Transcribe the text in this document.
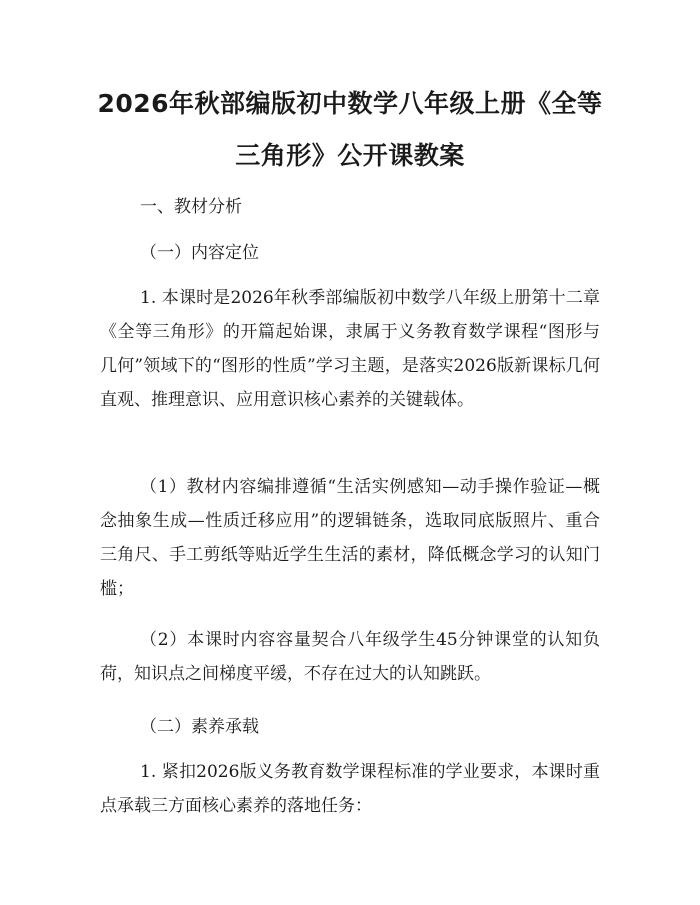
2026年秋部编版初中数学八年级上册《全等
三角形》公开课教案

一、教材分析

（一）内容定位

1. 本课时是2026年秋季部编版初中数学八年级上册第十二章《全等三角形》的开篇起始课，隶属于义务教育数学课程“图形与几何”领域下的“图形的性质”学习主题，是落实2026版新课标几何直观、推理意识、应用意识核心素养的关键载体。

（1）教材内容编排遵循“生活实例感知—动手操作验证—概念抽象生成—性质迁移应用”的逻辑链条，选取同底版照片、重合三角尺、手工剪纸等贴近学生生活的素材，降低概念学习的认知门槛；

（2）本课时内容容量契合八年级学生45分钟课堂的认知负荷，知识点之间梯度平缓，不存在过大的认知跳跃。

（二）素养承载

1. 紧扣2026版义务教育数学课程标准的学业要求，本课时重点承载三方面核心素养的落地任务：
